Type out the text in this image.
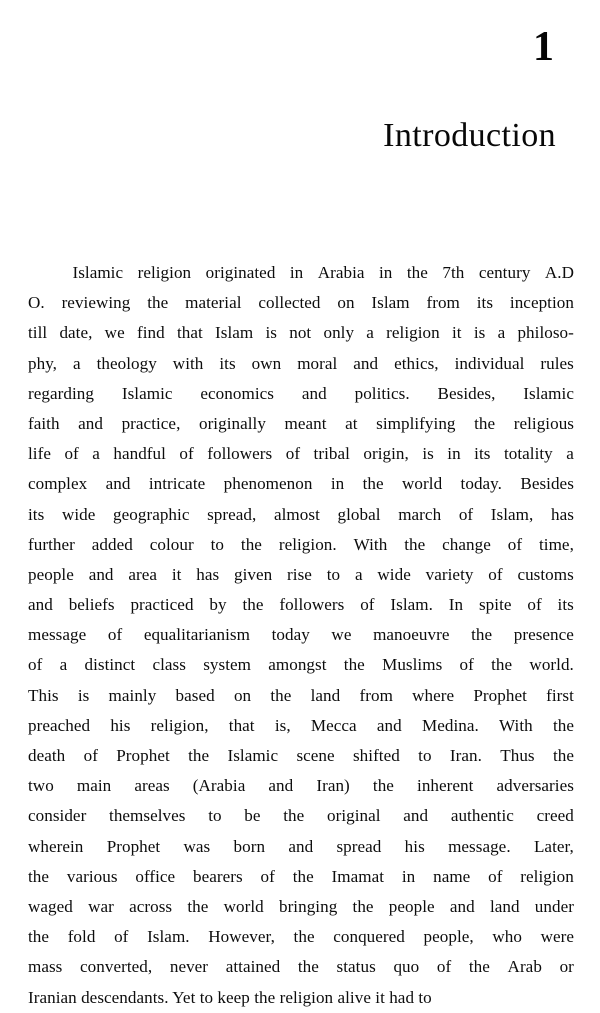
1
Introduction
Islamic religion originated in Arabia in the 7th century A.D
O. reviewing the material collected on Islam from its inception
till date, we find that Islam is not only a religion it is a philoso-
phy, a theology with its own moral and ethics, individual rules
regarding Islamic economics and politics. Besides, Islamic
faith and practice, originally meant at simplifying the religious
life of a handful of followers of tribal origin, is in its totality a
complex and intricate phenomenon in the world today. Besides
its wide geographic spread, almost global march of Islam, has
further added colour to the religion. With the change of time,
people and area it has given rise to a wide variety of customs
and beliefs practiced by the followers of Islam. In spite of its
message of equalitarianism today we manoeuvre the presence
of a distinct class system amongst the Muslims of the world.
This is mainly based on the land from where Prophet first
preached his religion, that is, Mecca and Medina. With the
death of Prophet the Islamic scene shifted to Iran. Thus the
two main areas (Arabia and Iran) the inherent adversaries
consider themselves to be the original and authentic creed
wherein Prophet was born and spread his message. Later,
the various office bearers of the Imamat in name of religion
waged war across the world bringing the people and land under
the fold of Islam. However, the conquered people, who were
mass converted, never attained the status quo of the Arab or
Iranian descendants. Yet to keep the religion alive it had to
